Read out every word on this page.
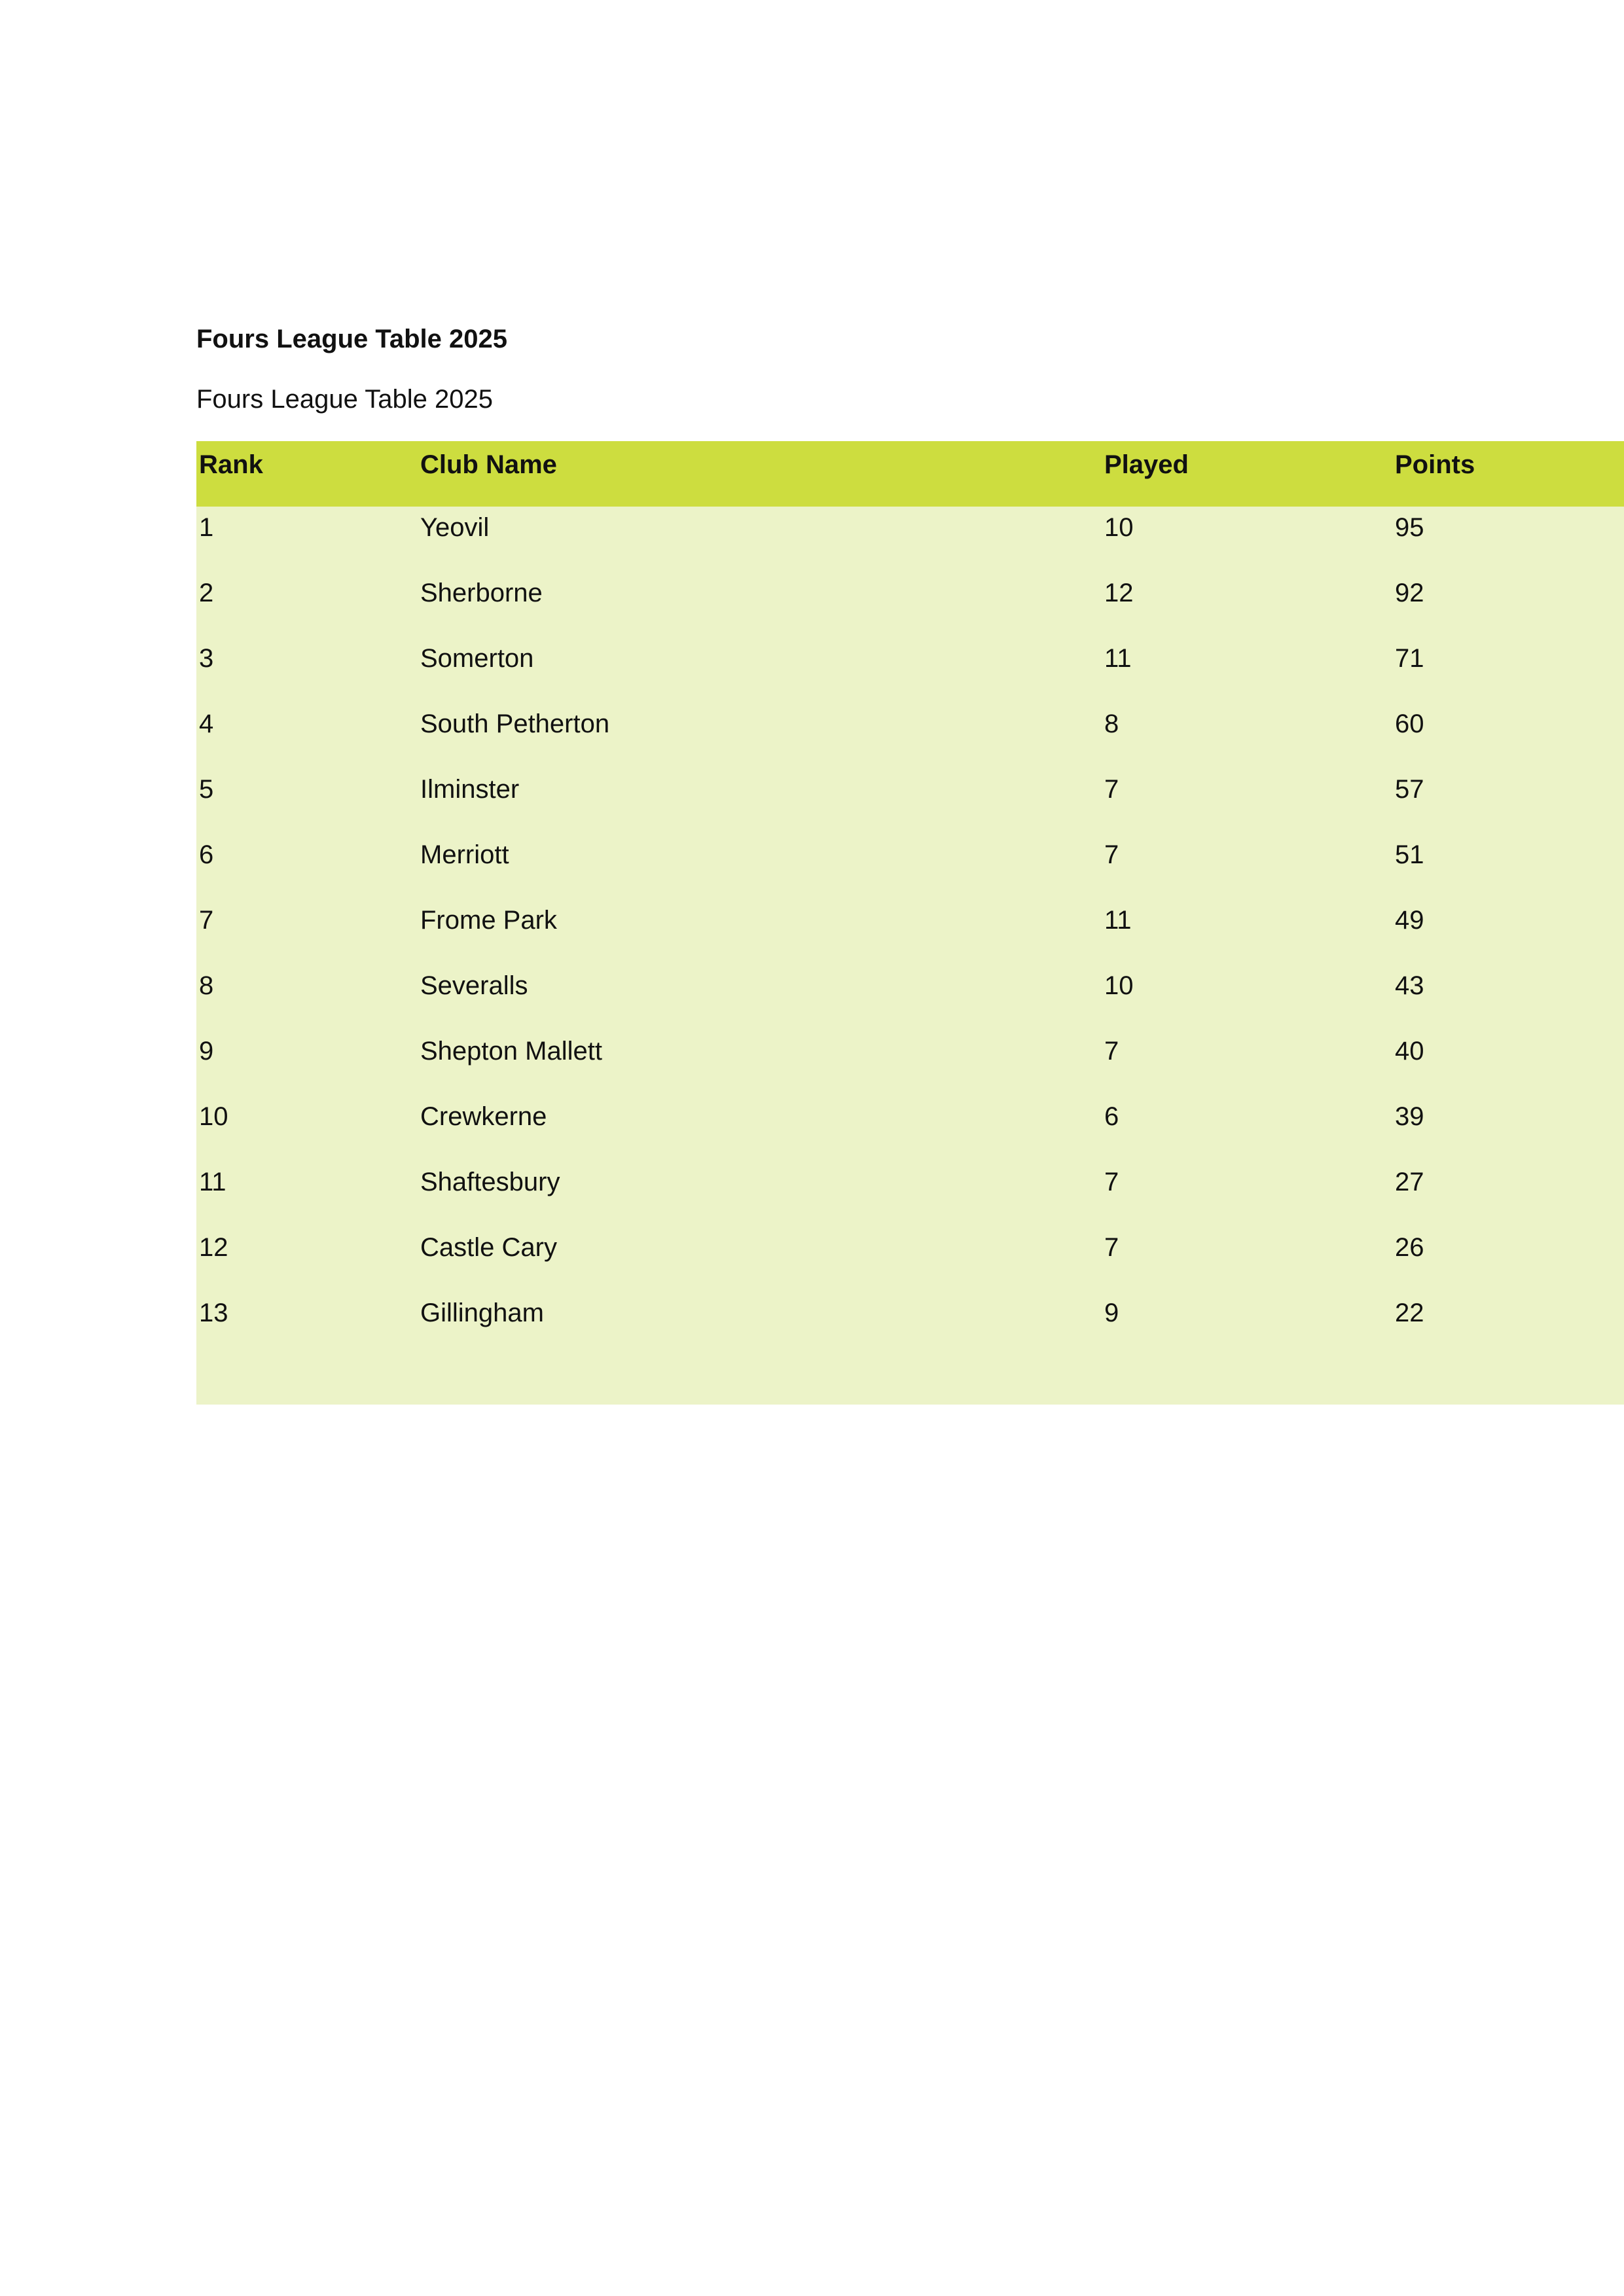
Fours League Table 2025
Fours League Table 2025
Rank	Club Name	Played	Points
1	Yeovil	10	95
2	Sherborne	12	92
3	Somerton	11	71
4	South Petherton	8	60
5	Ilminster	7	57
6	Merriott	7	51
7	Frome Park	11	49
8	Severalls	10	43
9	Shepton Mallett	7	40
10	Crewkerne	6	39
11	Shaftesbury	7	27
12	Castle Cary	7	26
13	Gillingham	9	22
